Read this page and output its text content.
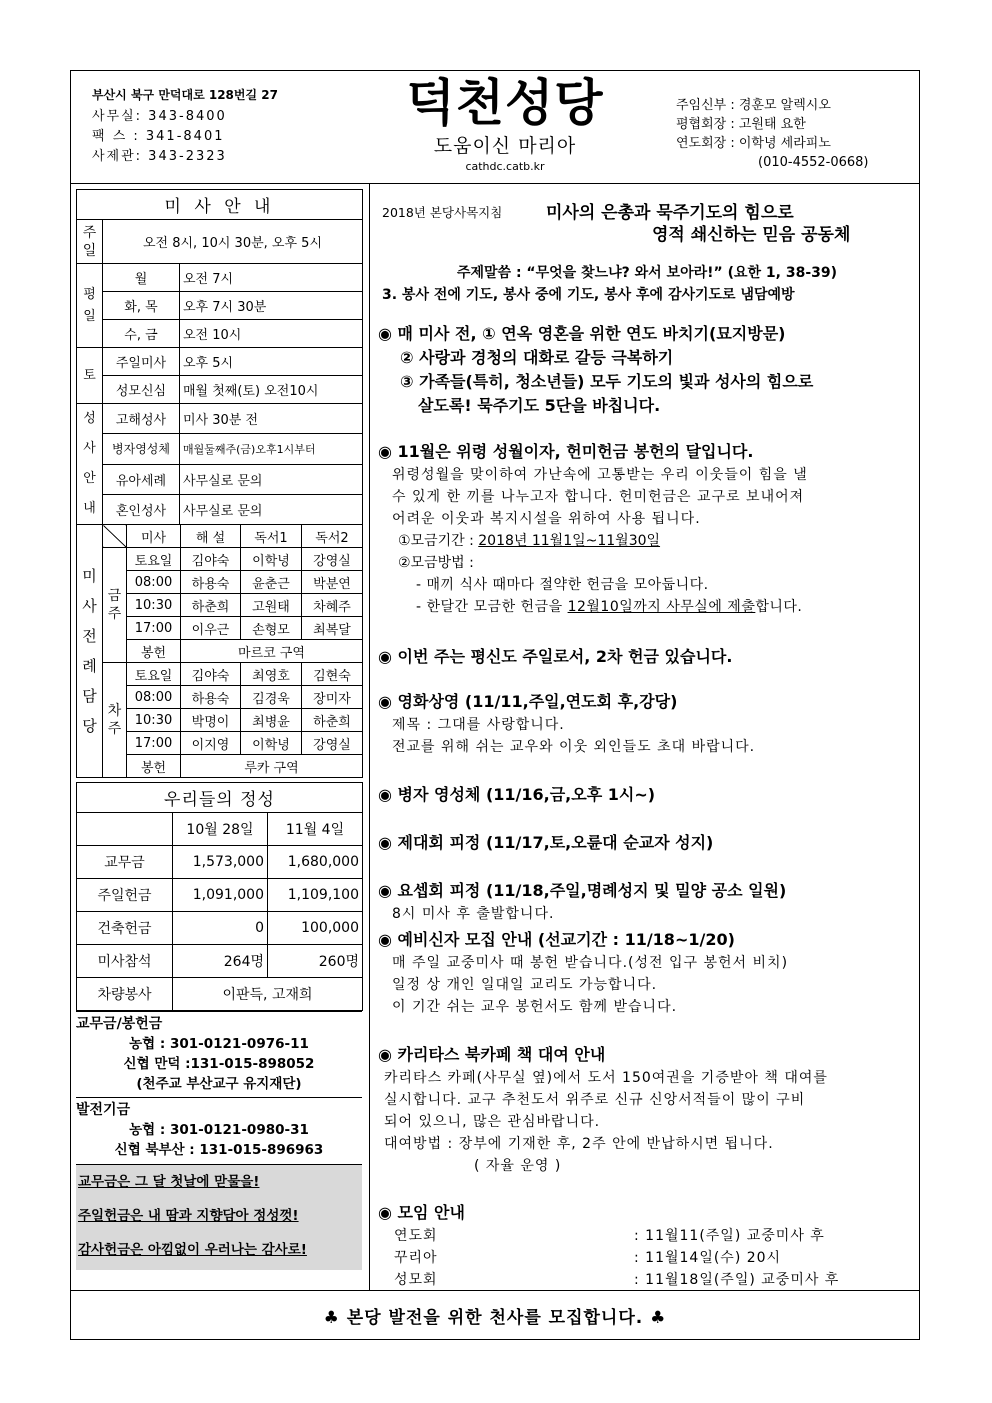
부산시 북구 만덕대로 128번길 27
사무실: 343-8400
팩 스 : 341-8401
사제관: 343-2323
덕천성당
도움이신 마리아
cathdc.catb.kr
주임신부 : 경훈모 알렉시오
평협회장 : 고원태 요한
연도회장 : 이학녕 세라피노
(010-4552-0668)
미 사 안 내		
주일	오전 8시, 10시 30분, 오후 5시	
평일	월	오전 7시
	화, 목	오후 7시 30분
	수, 금	오전 10시
토	주일미사	오후 5시
	성모신심	매월 첫째(토) 오전10시
성사안내	고해성사	미사 30분 전
	병자영성체	매월둘째주(금)오후1시부터
	유아세례	사무실로 문의
	혼인성사	사무실로 문의
미사전례담당		미사	해 설	독서1	독서2
	금주	토요일	김야숙	이학녕	강영실
		08:00	하용숙	윤춘근	박분연
		10:30	하춘희	고원태	차혜주
		17:00	이우근	손형모	최복달
		봉헌	마르코 구역		
	차주	토요일	김야숙	최영호	김현숙
		08:00	하용숙	김경욱	장미자
		10:30	박명이	최병윤	하춘희
		17:00	이지영	이학녕	강영실
		봉헌	루카 구역		
우리들의 정성		
	10월 28일	11월 4일
교무금	1,573,000	1,680,000
주일헌금	1,091,000	1,109,100
건축헌금	0	100,000
미사참석	264명	260명
차량봉사	이판득, 고재희	
교무금/봉헌금
농협 : 301-0121-0976-11
신협 만덕 :131-015-898052
(천주교 부산교구 유지재단)
발전기금
농협 : 301-0121-0980-31
신협 북부산 : 131-015-896963

교무금은 그 달 첫날에 맏물을!

주일헌금은 내 땀과 지향담아 정성껏!

감사헌금은 아낌없이 우러나는 감사로!

2018년 본당사목지침	미사의 은총과 묵주기도의 힘으로
영적 쇄신하는 믿음 공동체
주제말씀 : “무엇을 찾느냐? 와서 보아라!” (요한 1, 38-39)
3. 봉사 전에 기도, 봉사 중에 기도, 봉사 후에 감사기도로 냄담예방
◉ 매 미사 전, ① 연옥 영혼을 위한 연도 바치기(묘지방문)
② 사랑과 경청의 대화로 갈등 극복하기
③ 가족들(특히, 청소년들) 모두 기도의 빛과 성사의 힘으로
살도록! 묵주기도 5단을 바칩니다.
◉ 11월은 위령 성월이자, 헌미헌금 봉헌의 달입니다.
위령성월을 맞이하여 가난속에 고통받는 우리 이웃들이 힘을 낼
수 있게 한 끼를 나누고자 합니다. 헌미헌금은 교구로 보내어져
어려운 이웃과 복지시설을 위하여 사용 됩니다.
①모금기간 : 2018년 11월1일~11월30일
②모금방법 :
- 매끼 식사 때마다 절약한 헌금을 모아둡니다.
- 한달간 모금한 헌금을 12월10일까지 사무실에 제출합니다.
◉ 이번 주는 평신도 주일로서, 2차 헌금 있습니다.
◉ 영화상영 (11/11,주일,연도회 후,강당)
제목 : 그대를 사랑합니다.
전교를 위해 쉬는 교우와 이웃 외인들도 초대 바랍니다.
◉ 병자 영성체 (11/16,금,오후 1시~)
◉ 제대회 피정 (11/17,토,오륜대 순교자 성지)
◉ 요셉회 피정 (11/18,주일,명례성지 및 밀양 공소 일원)
8시 미사 후 출발합니다.
◉ 예비신자 모집 안내 (선교기간 : 11/18~1/20)
매 주일 교중미사 때 봉헌 받습니다.(성전 입구 봉헌서 비치)
일정 상 개인 일대일 교리도 가능합니다.
이 기간 쉬는 교우 봉헌서도 함께 받습니다.
◉ 카리타스 북카페 책 대여 안내
카리타스 카페(사무실 옆)에서 도서 150여권을 기증받아 책 대여를
실시합니다. 교구 추천도서 위주로 신규 신앙서적들이 많이 구비
되어 있으니, 많은 관심바랍니다.
대여방법 : 장부에 기재한 후, 2주 안에 반납하시면 됩니다.
( 자율 운영 )
◉ 모임 안내
연도회	: 11월11(주일) 교중미사 후
꾸리아	: 11월14일(수) 20시
성모회	: 11월18일(주일) 교중미사 후
♣ 본당 발전을 위한 천사를 모집합니다. ♣
